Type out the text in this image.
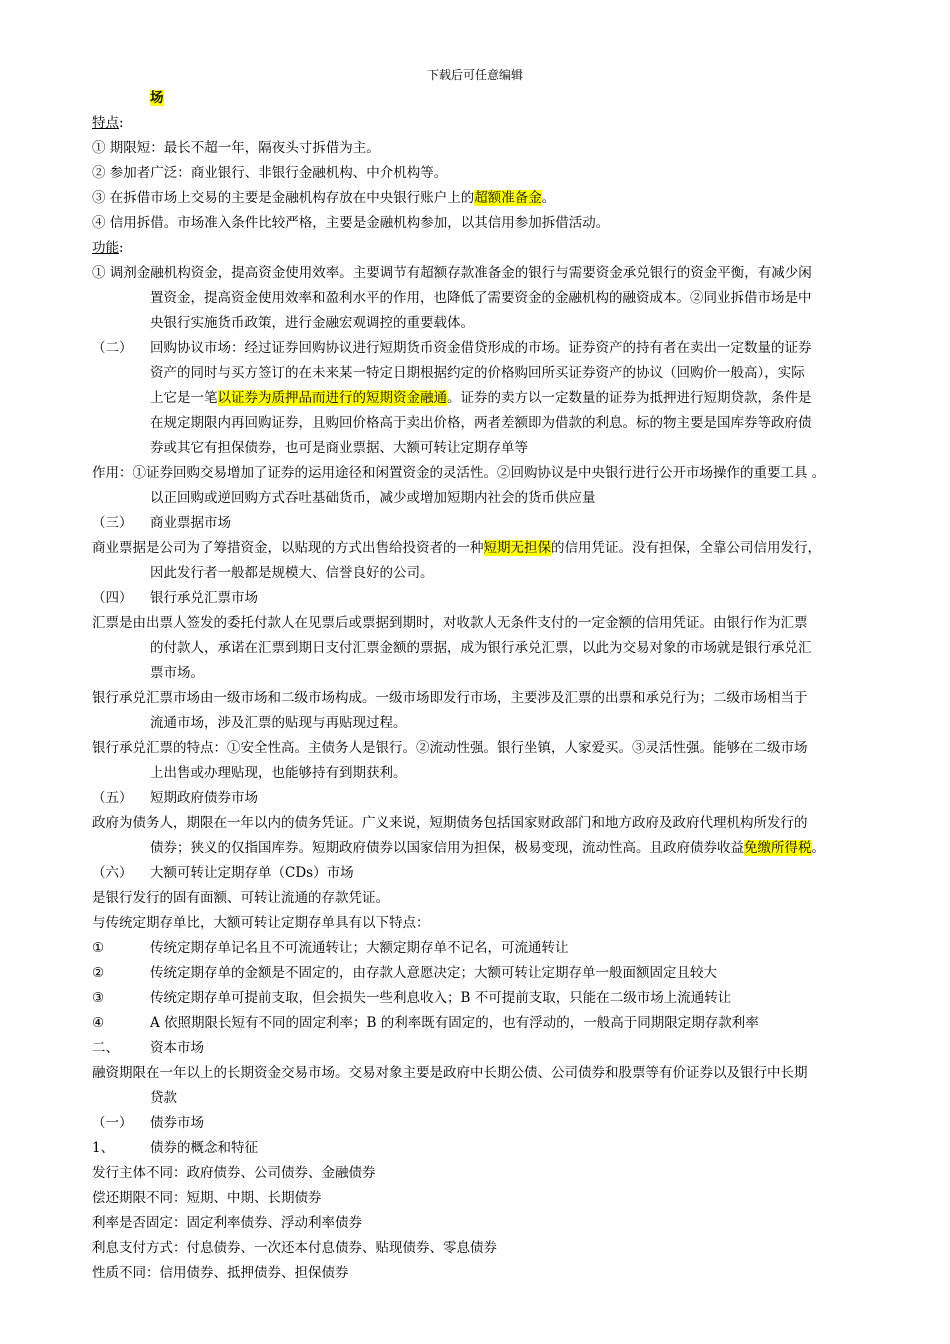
下载后可任意编辑
场
特点:
① 期限短：最长不超一年，隔夜头寸拆借为主。
② 参加者广泛：商业银行、非银行金融机构、中介机构等。
③ 在拆借市场上交易的主要是金融机构存放在中央银行账户上的超额准备金。
④ 信用拆借。市场准入条件比较严格，主要是金融机构参加，以其信用参加拆借活动。
功能:
① 调剂金融机构资金，提高资金使用效率。主要调节有超额存款准备金的银行与需要资金承兑银行的资金平衡，有减少闲
置资金，提高资金使用效率和盈利水平的作用，也降低了需要资金的金融机构的融资成本。②同业拆借市场是中
央银行实施货币政策，进行金融宏观调控的重要载体。
（二） 回购协议市场：经过证券回购协议进行短期货币资金借贷形成的市场。证券资产的持有者在卖出一定数量的证券
资产的同时与买方签订的在未来某一特定日期根据约定的价格购回所买证券资产的协议（回购价一般高），实际
上它是一笔以证券为质押品而进行的短期资金融通。证券的卖方以一定数量的证券为抵押进行短期贷款，条件是
在规定期限内再回购证券，且购回价格高于卖出价格，两者差额即为借款的利息。标的物主要是国库券等政府债
券或其它有担保债券，也可是商业票据、大额可转让定期存单等
作用：①证券回购交易增加了证券的运用途径和闲置资金的灵活性。②回购协议是中央银行进行公开市场操作的重要工具 。
以正回购或逆回购方式吞吐基础货币，减少或增加短期内社会的货币供应量
（三） 商业票据市场
商业票据是公司为了筹措资金，以贴现的方式出售给投资者的一种短期无担保的信用凭证。没有担保，全靠公司信用发行，
因此发行者一般都是规模大、信誉良好的公司。
（四） 银行承兑汇票市场
汇票是由出票人签发的委托付款人在见票后或票据到期时，对收款人无条件支付的一定金额的信用凭证。由银行作为汇票
的付款人，承诺在汇票到期日支付汇票金额的票据，成为银行承兑汇票，以此为交易对象的市场就是银行承兑汇
票市场。
银行承兑汇票市场由一级市场和二级市场构成。一级市场即发行市场，主要涉及汇票的出票和承兑行为；二级市场相当于
流通市场，涉及汇票的贴现与再贴现过程。
银行承兑汇票的特点：①安全性高。主债务人是银行。②流动性强。银行坐镇，人家爱买。③灵活性强。能够在二级市场
上出售或办理贴现，也能够持有到期获利。
（五） 短期政府债券市场
政府为债务人，期限在一年以内的债务凭证。广义来说，短期债务包括国家财政部门和地方政府及政府代理机构所发行的
债券；狭义的仅指国库券。短期政府债券以国家信用为担保，极易变现，流动性高。且政府债券收益免缴所得税。
（六） 大额可转让定期存单（CDs）市场
是银行发行的固有面额、可转让流通的存款凭证。
与传统定期存单比，大额可转让定期存单具有以下特点：
①	传统定期存单记名且不可流通转让；大额定期存单不记名，可流通转让
②	传统定期存单的金额是不固定的，由存款人意愿决定；大额可转让定期存单一般面额固定且较大
③	传统定期存单可提前支取，但会损失一些利息收入；B 不可提前支取，只能在二级市场上流通转让
④	A 依照期限长短有不同的固定利率；B 的利率既有固定的，也有浮动的，一般高于同期限定期存款利率
二、 资本市场
融资期限在一年以上的长期资金交易市场。交易对象主要是政府中长期公债、公司债券和股票等有价证券以及银行中长期
贷款
（一） 债券市场
1、	债券的概念和特征
发行主体不同：政府债券、公司债券、金融债券
偿还期限不同：短期、中期、长期债券
利率是否固定：固定利率债券、浮动利率债券
利息支付方式：付息债券、一次还本付息债券、贴现债券、零息债券
性质不同：信用债券、抵押债券、担保债券
